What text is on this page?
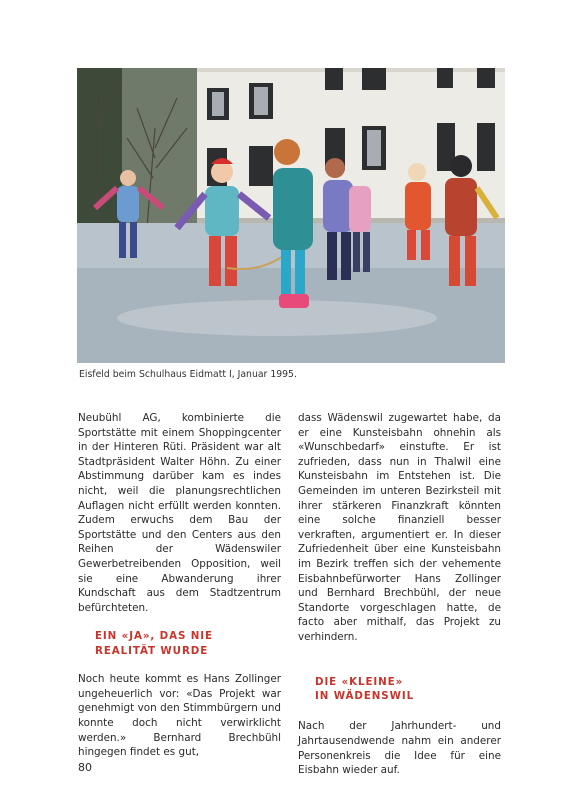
Eisfeld beim Schulhaus Eidmatt I, Januar 1995.

Neubühl AG, kombinierte die Sportstätte mit einem Shoppingcenter in der Hinteren Rüti. Präsident war alt Stadtpräsident Walter Höhn. Zu einer Abstimmung darüber kam es indes nicht, weil die planungsrechtlichen Auflagen nicht erfüllt werden konnten. Zudem erwuchs dem Bau der Sportstätte und den Centers aus den Reihen der Wädenswiler Gewerbetreibenden Opposition, weil sie eine Abwanderung ihrer Kundschaft aus dem Stadtzentrum befürchteten.

EIN «JA», DAS NIE
REALITÄT WURDE

Noch heute kommt es Hans Zollinger ungeheuerlich vor: «Das Projekt war genehmigt von den Stimmbürgern und konnte doch nicht verwirklicht werden.» Bernhard Brechbühl hingegen findet es gut,

dass Wädenswil zugewartet habe, da er eine Kunsteisbahn ohnehin als «Wunschbedarf» einstufte. Er ist zufrieden, dass nun in Thalwil eine Kunsteisbahn im Entstehen ist. Die Gemeinden im unteren Bezirksteil mit ihrer stärkeren Finanzkraft könnten eine solche finanziell besser verkraften, argumentiert er. In dieser Zufriedenheit über eine Kunsteisbahn im Bezirk treffen sich der vehemente Eisbahnbefürworter Hans Zollinger und Bernhard Brechbühl, der neue Standorte vorgeschlagen hatte, de facto aber mithalf, das Projekt zu verhindern.

DIE «KLEINE»
IN WÄDENSWIL

Nach der Jahrhundert- und Jahrtausendwende nahm ein anderer Personenkreis die Idee für eine Eisbahn wieder auf.

80
